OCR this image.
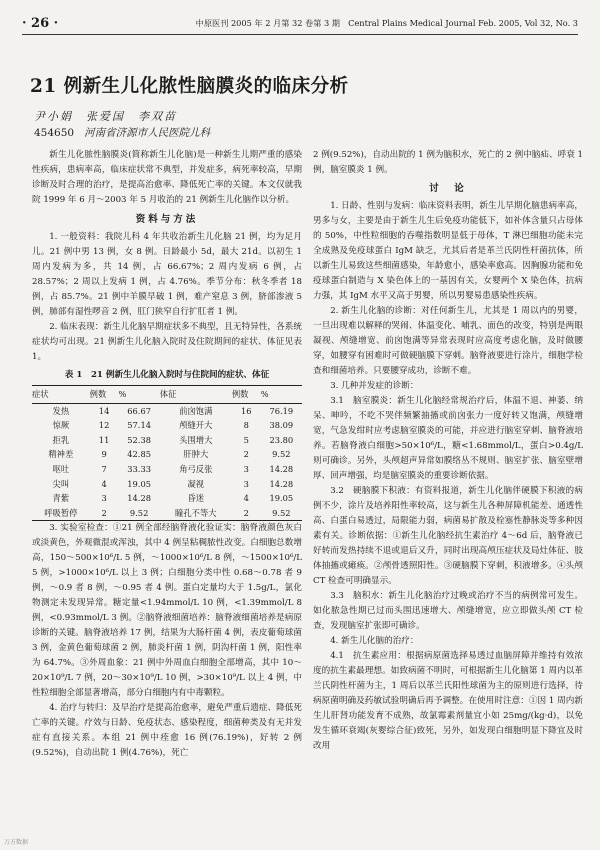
· 26 ·	中原医刊 2005 年 2 月第 32 卷第 3 期　Central Plains Medical Journal Feb. 2005, Vol 32, No. 3
21 例新生儿化脓性脑膜炎的临床分析
尹小娟　张爱国　李双苗
454650 河南省济源市人民医院儿科

新生儿化脓性脑膜炎(简称新生儿化脑)是一种新生儿期严重的感染性疾病，患病率高，临床症状常不典型，并发症多，病死率较高，早期诊断及时合理的治疗，是提高治愈率、降低死亡率的关键。本文仅就我院 1999 年 6 月～2003 年 5 月收治的 21 例新生儿化脑作以分析。

资料与方法

1. 一般资料：我院儿科 4 年共收治新生儿化脑 21 例，均为足月儿。21 例中男 13 例，女 8 例。日龄最小 5d，最大 21d。以初生 1 周内发病为多，共 14 例，占 66.67%；2 周内发病 6 例，占 28.57%；2 周以上发病 1 例，占 4.76%。季节分布：秋冬季者 18 例，占 85.7%。21 例中羊膜早破 1 例，难产窒息 3 例，脐部渗液 5 例，肺部有湿性啰音 2 例，肛门狭窄自行扩肛者 1 例。

2. 临床表现：新生儿化脑早期症状多不典型，且无特异性，各系统症状均可出现。21 例新生儿化脑入院时及住院期间的症状、体征见表 1。

表 1　21 例新生儿化脑入院时与住院间的症状、体征
症状	例数	%	体征	例数	%
发热	14	66.67	前囟饱满	16	76.19
惊厥	12	57.14	颅缝开大	8	38.09
拒乳	11	52.38	头围增大	5	23.80
精神差	9	42.85	肝肿大	2	9.52
呕吐	7	33.33	角弓反张	3	14.28
尖叫	4	19.05	凝视	3	14.28
青紫	3	14.28	昏迷	4	19.05
呼吸暂停	2	9.52	瞳孔不等大	2	9.52

3. 实验室检查：①21 例全部经脑脊液化验证实：脑脊液颜色灰白或淡黄色，外观微混或浑浊，其中 4 例呈粘稠脓性改变。白细胞总数增高，150～500×10⁶/L 5 例，～1000×10⁶/L 8 例，～1500×10⁶/L 5 例，>1000×10⁶/L 以上 3 例；白细胞分类中性 0.68～0.78 者 9 例，～0.9 者 8 例，～0.95 者 4 例。蛋白定量均大于 1.5g/L，氯化物测定未发现异常。糖定量<1.94mmol/L 10 例，<1.39mmol/L 8 例，<0.93mmol/L 3 例。②脑脊液细菌培养：脑脊液细菌培养是病原诊断的关键。脑脊液培养 17 例，结果为大肠杆菌 4 例，表皮葡萄球菌 3 例，金黄色葡萄球菌 2 例，肺炎杆菌 1 例，阴沟杆菌 1 例，阳性率为 64.7%。③外周血象：21 例中外周血白细胞全部增高，其中 10～20×10⁹/L 7 例，20～30×10⁹/L 10 例，>30×10⁹/L 以上 4 例，中性粒细胞全部显著增高，部分白细胞内有中毒颗粒。

4. 治疗与转归：及早治疗是提高治愈率，避免严重后遗症、降低死亡率的关键。疗效与日龄、免疫状态、感染程度，细菌种类及有无并发症有直接关系。本组 21 例中痊愈 16 例(76.19%)，好转 2 例(9.52%)，自动出院 1 例(4.76%)，死亡

2 例(9.52%)，自动出院的 1 例为脑积水，死亡的 2 例中脑疝、呼衰 1 例，脑室膜炎 1 例。

讨　论

1. 日龄、性别与发病：临床资料表明，新生儿早期化脑患病率高，男多与女，主要是由于新生儿生后免疫功能低下，如补体含量只占母体的 50%，中性粒细胞的吞噬指数明显低于母体，T 淋巴细胞功能未完全成熟及免疫球蛋白 IgM 缺乏，尤其后者是革兰氏阴性杆菌抗体，所以新生儿易致这些细菌感染，年龄愈小，感染率愈高。因胸腺功能和免疫球蛋白制造与 X 染色体上的一基因有关，女婴两个 X 染色体，抗病力强，其 IgM 水平又高于男婴，所以男婴易患感染性疾病。

2. 新生儿化脑的诊断：对任何新生儿，尤其是 1 周以内的男婴，一旦出现难以解释的哭闹、体温变化、哺乳、面色的改变，特别是两眼凝视、颅缝增宽、前囟饱满等异常表现时应高度考虑化脑，及时做腰穿，如腰穿有困难时可做硬脑膜下穿刺。脑脊液要进行涂片，细胞学检查和细菌培养。只要腰穿成功，诊断不难。

3. 几种并发症的诊断：

3.1　脑室膜炎：新生儿化脑经常规治疗后，体温不退、神萎、纳呆、呻吟，不吃不哭伴频繁抽搐或前囟张力一度好转又饱满，颅缝增宽，气急发绀时应考虑脑室膜炎的可能，并应进行脑室穿刺、脑脊液培养。若脑脊液白细胞>50×10⁶/L，糖<1.68mmol/L，蛋白>0.4g/L 则可确诊。另外，头颅超声异常如膜络丛不规则、脑室扩张、脑室壁增厚、回声增强，均是脑室膜炎的重要诊断依据。

3.2　硬脑膜下积液：有资料报道，新生儿化脑伴硬膜下积液的病例不少，涂片及培养阳性率较高，这与新生儿各种屏障机能差、通透性高、白蛋白易透过，局限能力弱，病菌易扩散及栓塞性静脉炎等多种因素有关。诊断依据：①新生儿化脑经抗生素治疗 4～6d 后，脑脊液已好转而发热持续不退或退后又升，同时出现高颅压症状及局灶体征、肢体抽搐或瘫痪。②颅骨透照阳性。③硬脑膜下穿刺，积液增多。④头颅 CT 检查可明确显示。

3.3　脑积水：新生儿化脑治疗过晚或治疗不当的病例常可发生。如化脓急性期已过而头围迅速增大、颅缝增宽，应立即做头颅 CT 检查，发现脑室扩张即可确诊。

4. 新生儿化脑的治疗：

4.1　抗生素应用：根据病原菌选择易透过血脑屏障并维持有效浓度的抗生素最理想。如致病菌不明时，可根据新生儿化脑第 1 周内以革兰氏阴性杆菌为主，1 周后以革兰氏阳性球菌为主的原则进行选择，待病原菌明确及药敏试验明确后再予调整。在使用时注意：①因 1 周内新生儿肝肾功能发育不成熟，故氯霉素剂量宜小如 25mg/(kg·d)，以免发生循环衰竭(灰婴综合征)致死，另外，如发现白细胞明显下降宜及时改用

万方数据
